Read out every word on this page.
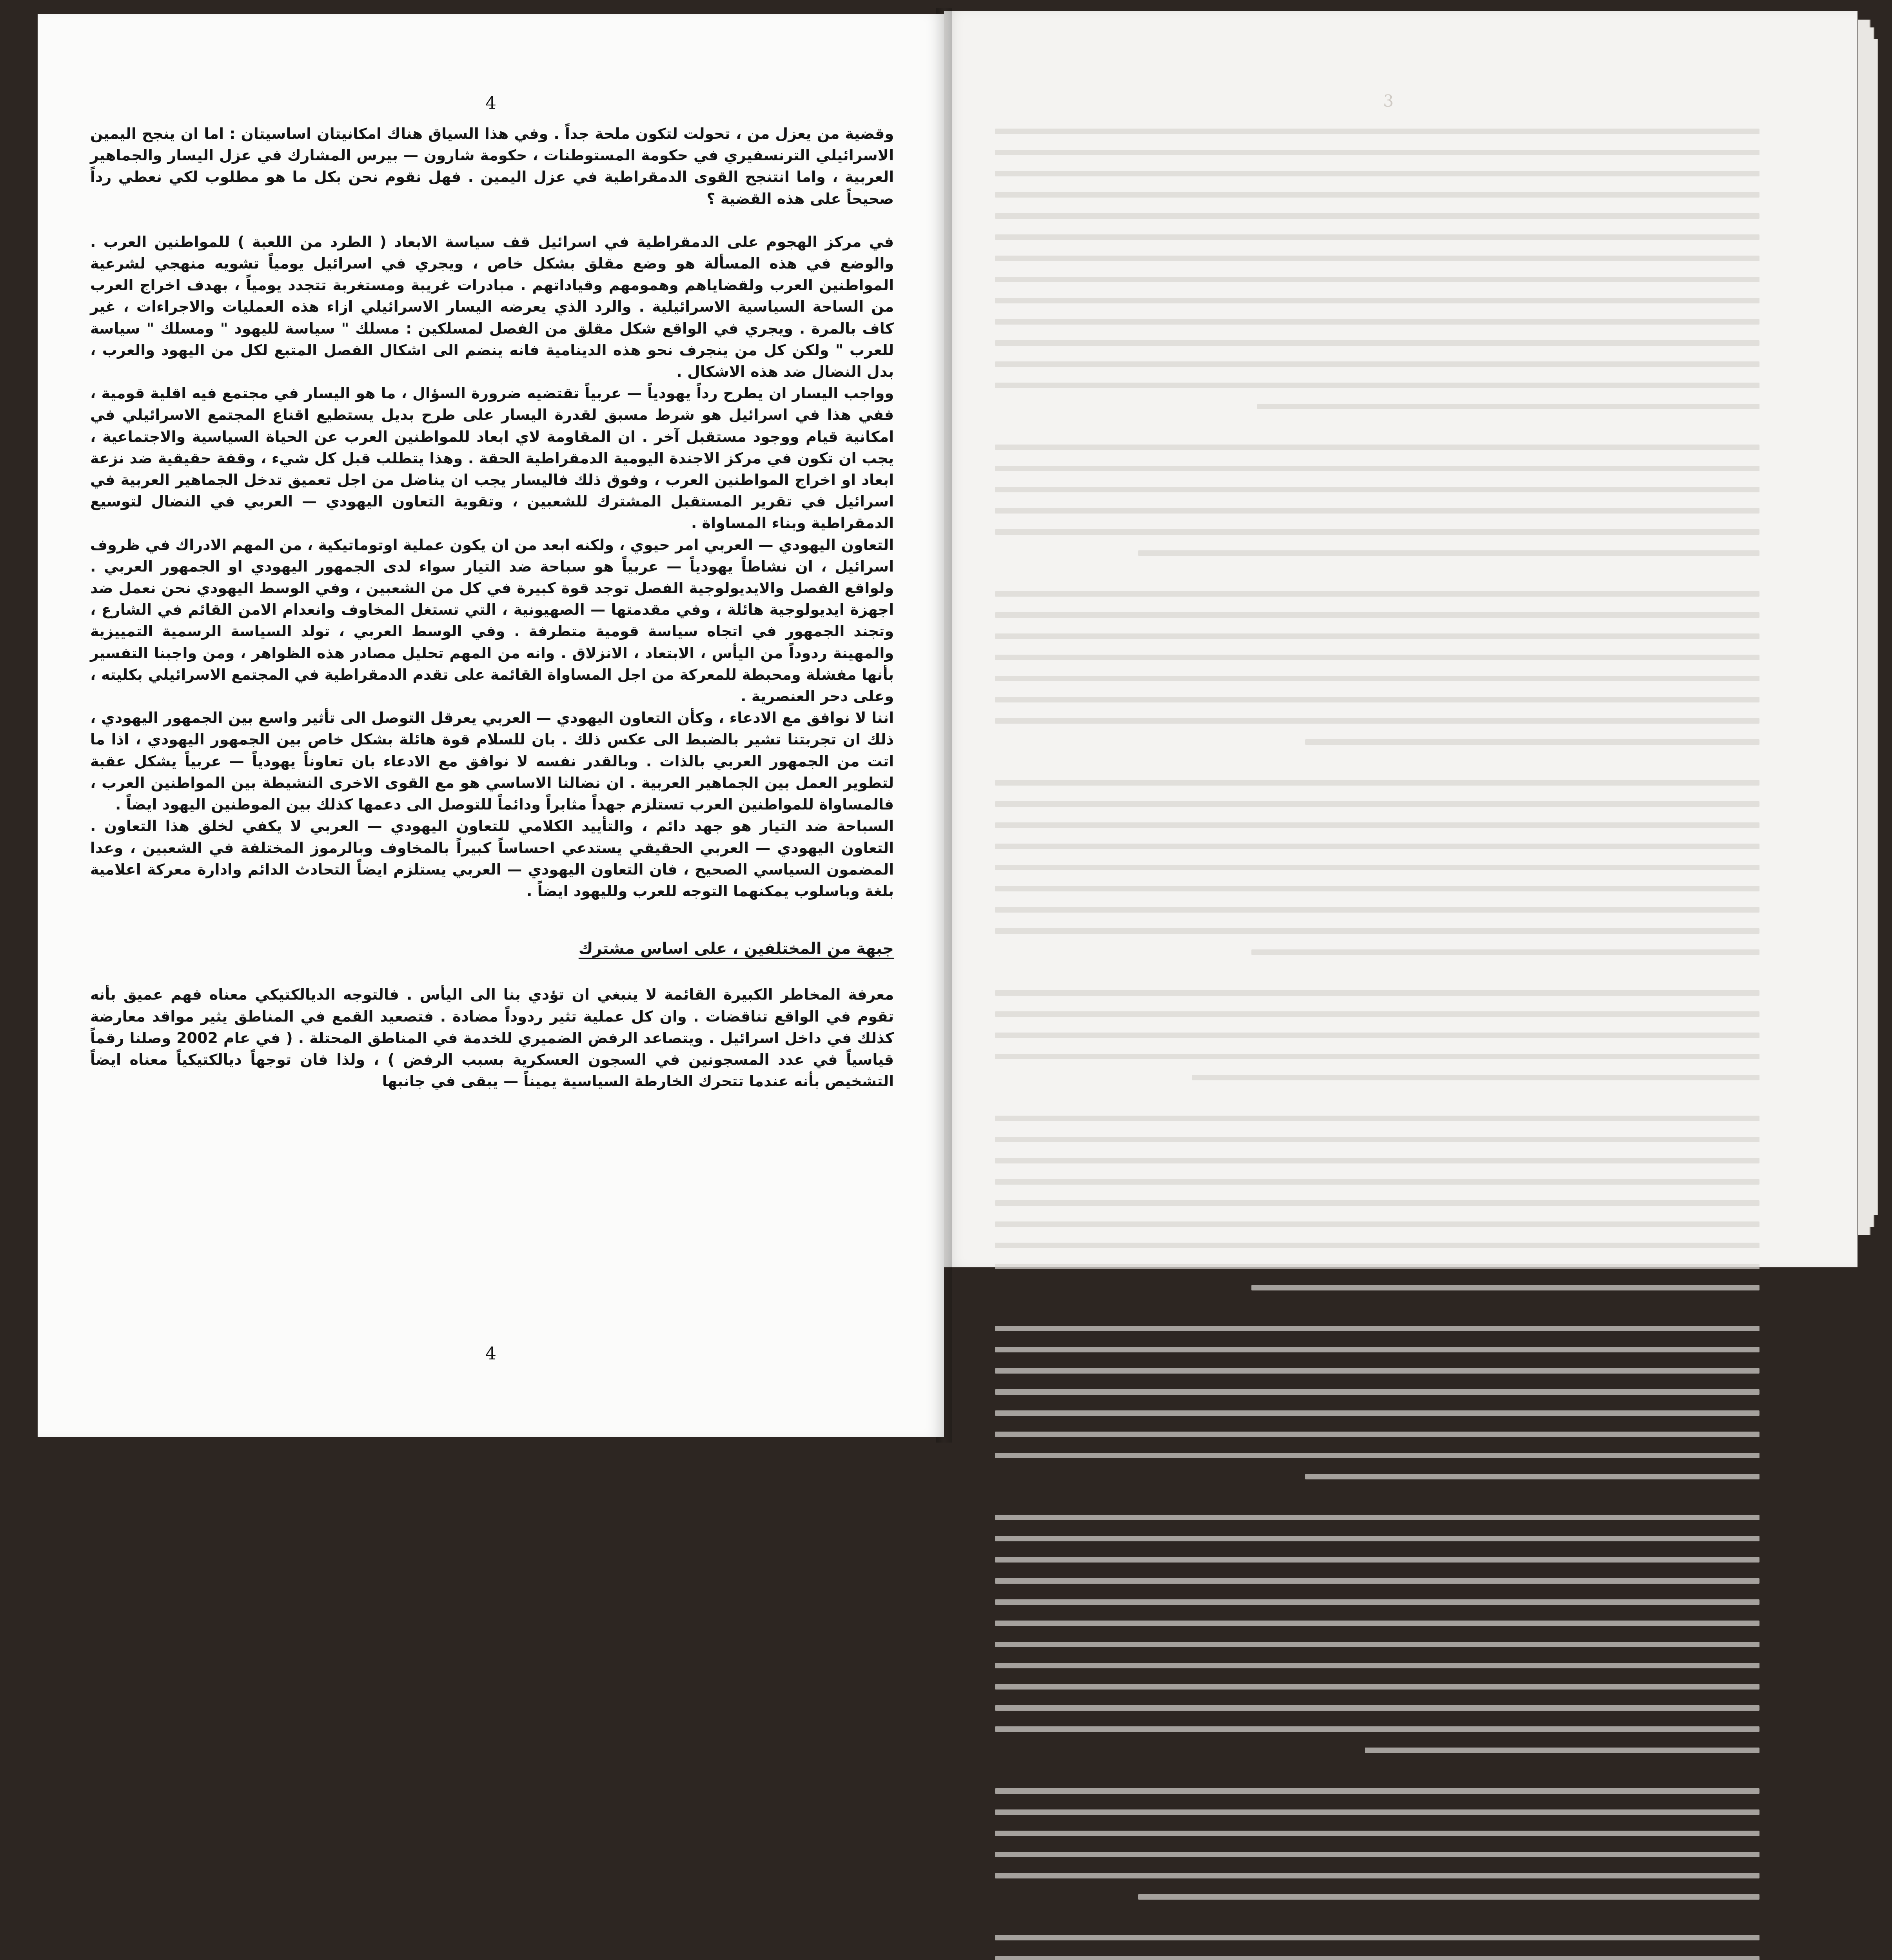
3
4

وقضية من يعزل من ، تحولت لتكون ملحة جداً . وفي هذا السياق هناك امكانيتان اساسيتان : اما ان ينجح اليمين الاسرائيلي الترنسفيري في حكومة المستوطنات ، حكومة شارون — بيرس المشارك في عزل اليسار والجماهير العربية ، واما انتنجح القوى الدمقراطية في عزل اليمين . فهل نقوم نحن بكل ما هو مطلوب لكي نعطي رداً صحيحاً على هذه القضية ؟

في مركز الهجوم على الدمقراطية في اسرائيل قف سياسة الابعاد ( الطرد من اللعبة ) للمواطنين العرب . والوضع في هذه المسألة هو وضع مقلق بشكل خاص ، ويجري في اسرائيل يومياً تشويه منهجي لشرعية المواطنين العرب ولقضاياهم وهمومهم وقياداتهم . مبادرات غريبة ومستغربة تتجدد يومياً ، بهدف اخراج العرب من الساحة السياسية الاسرائيلية . والرد الذي يعرضه اليسار الاسرائيلي ازاء هذه العمليات والاجراءات ، غير كاف بالمرة . ويجري في الواقع شكل مقلق من الفصل لمسلكين : مسلك " سياسة لليهود " ومسلك " سياسة للعرب " ولكن كل من ينجرف نحو هذه الدينامية فانه ينضم الى اشكال الفصل المتبع لكل من اليهود والعرب ، بدل النضال ضد هذه الاشكال .

وواجب اليسار ان يطرح رداً يهودياً — عربياً تقتضيه ضرورة السؤال ، ما هو اليسار في مجتمع فيه اقلية قومية ، ففي هذا في اسرائيل هو شرط مسبق لقدرة اليسار على طرح بديل يستطيع اقناع المجتمع الاسرائيلي في امكانية قيام ووجود مستقبل آخر . ان المقاومة لاي ابعاد للمواطنين العرب عن الحياة السياسية والاجتماعية ، يجب ان تكون في مركز الاجندة اليومية الدمقراطية الحقة . وهذا يتطلب قبل كل شيء ، وقفة حقيقية ضد نزعة ابعاد او اخراج المواطنين العرب ، وفوق ذلك فاليسار يجب ان يناضل من اجل تعميق تدخل الجماهير العربية في اسرائيل في تقرير المستقبل المشترك للشعبين ، وتقوية التعاون اليهودي — العربي في النضال لتوسيع الدمقراطية وبناء المساواة .

التعاون اليهودي — العربي امر حيوي ، ولكنه ابعد من ان يكون عملية اوتوماتيكية ، من المهم الادراك في ظروف اسرائيل ، ان نشاطاً يهودياً — عربياً هو سباحة ضد التيار سواء لدى الجمهور اليهودي او الجمهور العربي . ولواقع الفصل والايديولوجية الفصل توجد قوة كبيرة في كل من الشعبين ، وفي الوسط اليهودي نحن نعمل ضد اجهزة ايديولوجية هائلة ، وفي مقدمتها — الصهيونية ، التي تستغل المخاوف وانعدام الامن القائم في الشارع ، وتجند الجمهور في اتجاه سياسة قومية متطرفة . وفي الوسط العربي ، تولد السياسة الرسمية التمييزية والمهينة ردوداً من اليأس ، الابتعاد ، الانزلاق . وانه من المهم تحليل مصادر هذه الظواهر ، ومن واجبنا التفسير بأنها مفشلة ومحبطة للمعركة من اجل المساواة القائمة على تقدم الدمقراطية في المجتمع الاسرائيلي بكليته ، وعلى دحر العنصرية .

اننا لا نوافق مع الادعاء ، وكأن التعاون اليهودي — العربي يعرقل التوصل الى تأثير واسع بين الجمهور اليهودي ، ذلك ان تجربتنا تشير بالضبط الى عكس ذلك . بان للسلام قوة هائلة بشكل خاص بين الجمهور اليهودي ، اذا ما اتت من الجمهور العربي بالذات . وبالقدر نفسه لا نوافق مع الادعاء بان تعاوناً يهودياً — عربياً يشكل عقبة لتطوير العمل بين الجماهير العربية . ان نضالنا الاساسي هو مع القوى الاخرى النشيطة بين المواطنين العرب ، فالمساواة للمواطنين العرب تستلزم جهداً مثابراً ودائماً للتوصل الى دعمها كذلك بين الموطنين اليهود ايضاً .

السباحة ضد التيار هو جهد دائم ، والتأييد الكلامي للتعاون اليهودي — العربي لا يكفي لخلق هذا التعاون . التعاون اليهودي — العربي الحقيقي يستدعي احساساً كبيراً بالمخاوف وبالرموز المختلفة في الشعبين ، وعدا المضمون السياسي الصحيح ، فان التعاون اليهودي — العربي يستلزم ايضاً التحادث الدائم وادارة معركة اعلامية بلغة وباسلوب يمكنهما التوجه للعرب ولليهود ايضاً .

جبهة من المختلفين ، على اساس مشترك

معرفة المخاطر الكبيرة القائمة لا ينبغي ان تؤدي بنا الى اليأس . فالتوجه الديالكتيكي معناه فهم عميق بأنه تقوم في الواقع تناقضات . وان كل عملية تثير ردوداً مضادة . فتصعيد القمع في المناطق يثير مواقد معارضة كذلك في داخل اسرائيل . ويتصاعد الرفض الضميري للخدمة في المناطق المحتلة . ( في عام 2002 وصلنا رقماً قياسياً في عدد المسجونين في السجون العسكرية بسبب الرفض ) ، ولذا فان توجهاً ديالكتيكياً معناه ايضاً التشخيص بأنه عندما تتحرك الخارطة السياسية يميناً — يبقى في جانبها

4
